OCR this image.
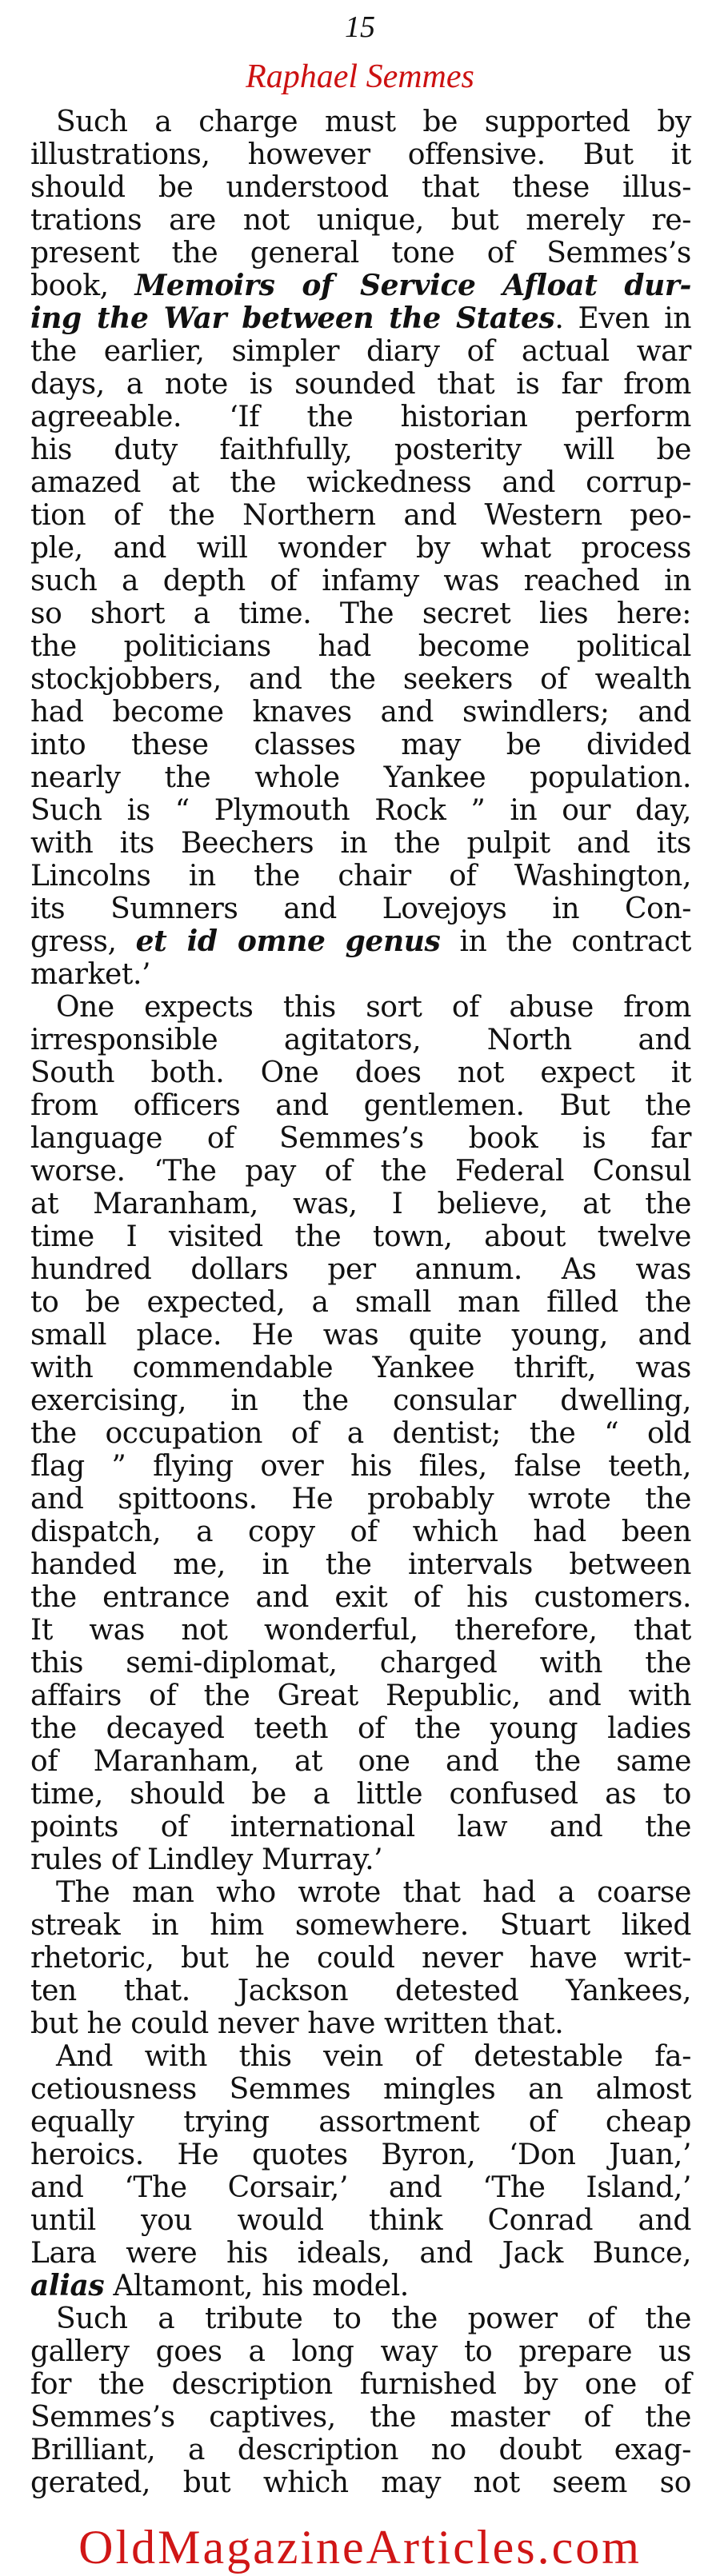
15
Raphael Semmes
Such a charge must be supported by
illustrations, however offensive. But it
should be understood that these illus-
trations are not unique, but merely re-
present the general tone of Semmes’s
book, Memoirs of Service Afloat dur-
ing the War between the States. Even in
the earlier, simpler diary of actual war
days, a note is sounded that is far from
agreeable. ‘If the historian perform
his duty faithfully, posterity will be
amazed at the wickedness and corrup-
tion of the Northern and Western peo-
ple, and will wonder by what process
such a depth of infamy was reached in
so short a time. The secret lies here:
the politicians had become political
stockjobbers, and the seekers of wealth
had become knaves and swindlers; and
into these classes may be divided
nearly the whole Yankee population.
Such is “ Plymouth Rock ” in our day,
with its Beechers in the pulpit and its
Lincolns in the chair of Washington,
its Sumners and Lovejoys in Con-
gress, et id omne genus in the contract
market.’
One expects this sort of abuse from
irresponsible agitators, North and
South both. One does not expect it
from officers and gentlemen. But the
language of Semmes’s book is far
worse. ‘The pay of the Federal Consul
at Maranham, was, I believe, at the
time I visited the town, about twelve
hundred dollars per annum. As was
to be expected, a small man filled the
small place. He was quite young, and
with commendable Yankee thrift, was
exercising, in the consular dwelling,
the occupation of a dentist; the “ old
flag ” flying over his files, false teeth,
and spittoons. He probably wrote the
dispatch, a copy of which had been
handed me, in the intervals between
the entrance and exit of his customers.
It was not wonderful, therefore, that
this semi-diplomat, charged with the
affairs of the Great Republic, and with
the decayed teeth of the young ladies
of Maranham, at one and the same
time, should be a little confused as to
points of international law and the
rules of Lindley Murray.’
The man who wrote that had a coarse
streak in him somewhere. Stuart liked
rhetoric, but he could never have writ-
ten that. Jackson detested Yankees,
but he could never have written that.
And with this vein of detestable fa-
cetiousness Semmes mingles an almost
equally trying assortment of cheap
heroics. He quotes Byron, ‘Don Juan,’
and ‘The Corsair,’ and ‘The Island,’
until you would think Conrad and
Lara were his ideals, and Jack Bunce,
alias Altamont, his model.
Such a tribute to the power of the
gallery goes a long way to prepare us
for the description furnished by one of
Semmes’s captives, the master of the
Brilliant, a description no doubt exag-
gerated, but which may not seem so
OldMagazineArticles.com
